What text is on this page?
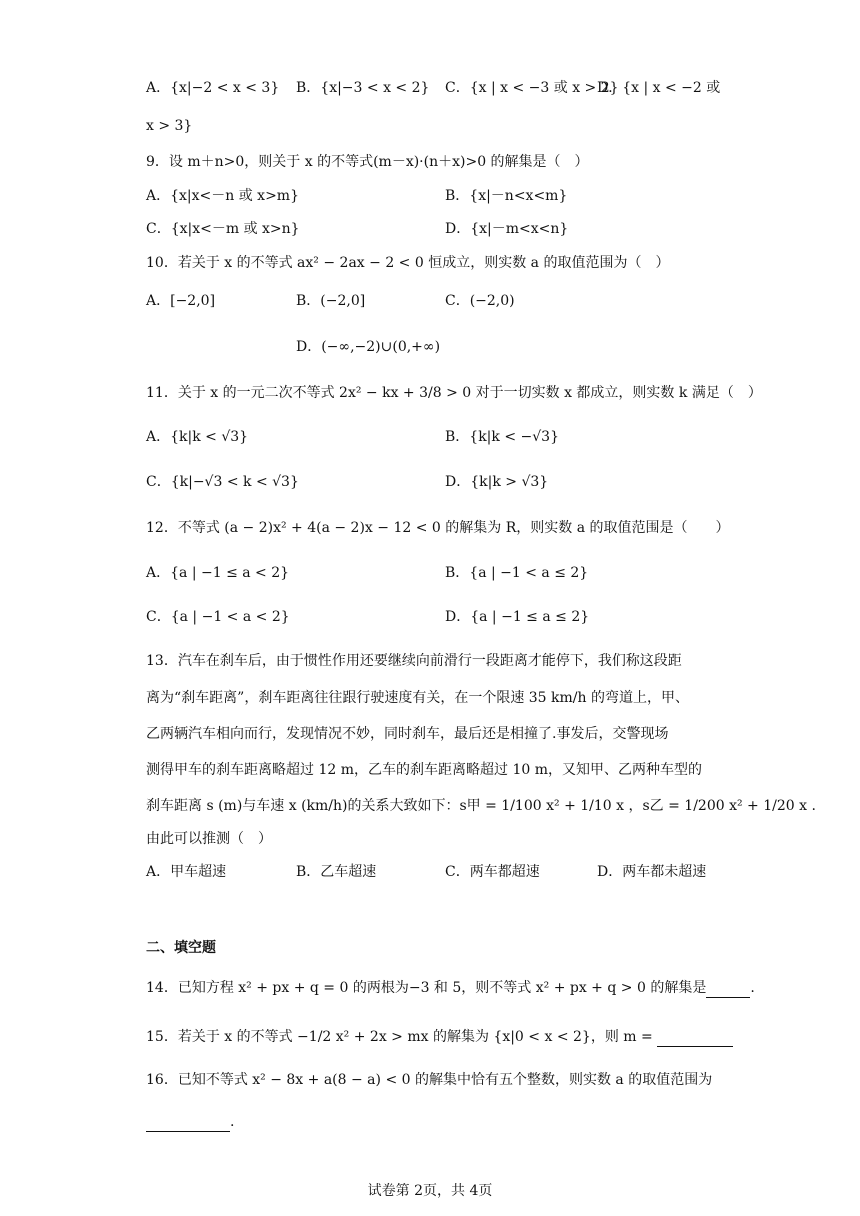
A．{x|−2 < x < 3} B．{x|−3 < x < 2} C．{x | x < −3 或 x > 2}
D．{x | x < −2 或
x > 3}
9．设 m＋n>0，则关于 x 的不等式(m－x)·(n＋x)>0 的解集是（　）
A．{x|x<－n 或 x>m}	B．{x|－n<x<m}
C．{x|x<－m 或 x>n}	D．{x|－m<x<n}
10．若关于 x 的不等式 ax² − 2ax − 2 < 0 恒成立，则实数 a 的取值范围为（　）
A．[−2,0]	B．(−2,0]	C．(−2,0)
D．(−∞,−2)∪(0,+∞)
11．关于 x 的一元二次不等式 2x² − kx + 3/8 > 0 对于一切实数 x 都成立，则实数 k 满足（　）
A．{k|k < √3}	B．{k|k < −√3}
C．{k|−√3 < k < √3}	D．{k|k > √3}
12．不等式 (a − 2)x² + 4(a − 2)x − 12 < 0 的解集为 R，则实数 a 的取值范围是（　　）
A．{a | −1 ≤ a < 2}	B．{a | −1 < a ≤ 2}
C．{a | −1 < a < 2}	D．{a | −1 ≤ a ≤ 2}
13．汽车在刹车后，由于惯性作用还要继续向前滑行一段距离才能停下，我们称这段距
离为“刹车距离”，刹车距离往往跟行驶速度有关，在一个限速 35 km/h 的弯道上，甲、
乙两辆汽车相向而行，发现情况不妙，同时刹车，最后还是相撞了.事发后，交警现场
测得甲车的刹车距离略超过 12 m，乙车的刹车距离略超过 10 m，又知甲、乙两种车型的
刹车距离 s (m)与车速 x (km/h)的关系大致如下：s甲 = 1/100 x² + 1/10 x ，s乙 = 1/200 x² + 1/20 x .
由此可以推测（　）
A．甲车超速	B．乙车超速	C．两车都超速	D．两车都未超速
二、填空题
14．已知方程 x² + px + q = 0 的两根为−3 和 5，则不等式 x² + px + q > 0 的解集是	.
15．若关于 x 的不等式 −1/2 x² + 2x > mx 的解集为 {x|0 < x < 2}，则 m =
16．已知不等式 x² − 8x + a(8 − a) < 0 的解集中恰有五个整数，则实数 a 的取值范围为
.
试卷第 2页，共 4页
